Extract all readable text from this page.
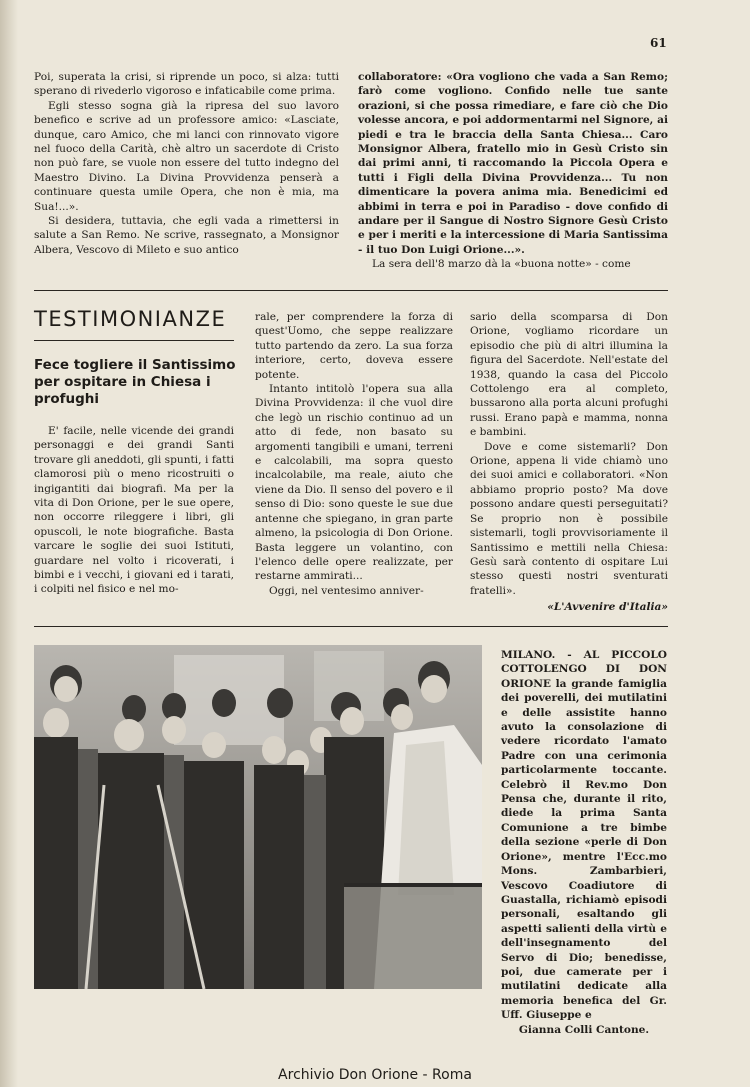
61

Poi, superata la crisi, si riprende un poco, si alza: tutti sperano di rivederlo vigoroso e infaticabile come prima.

Egli stesso sogna già la ripresa del suo lavoro benefico e scrive ad un professore amico: «Lasciate, dunque, caro Amico, che mi lanci con rinnovato vigore nel fuoco della Carità, chè altro un sacerdote di Cristo non può fare, se vuole non essere del tutto indegno del Maestro Divino. La Divina Provvidenza penserà a continuare questa umile Opera, che non è mia, ma Sua!...».

Si desidera, tuttavia, che egli vada a rimettersi in salute a San Remo. Ne scrive, rassegnato, a Monsignor Albera, Vescovo di Mileto e suo antico

collaboratore: «Ora vogliono che vada a San Remo; farò come vogliono. Confido nelle tue sante orazioni, si che possa rimediare, e fare ciò che Dio volesse ancora, e poi addormentarmi nel Signore, ai piedi e tra le braccia della Santa Chiesa... Caro Monsignor Albera, fratello mio in Gesù Cristo sin dai primi anni, ti raccomando la Piccola Opera e tutti i Figli della Divina Provvidenza... Tu non dimenticare la povera anima mia. Benedicimi ed abbimi in terra e poi in Paradiso - dove confido di andare per il Sangue di Nostro Signore Gesù Cristo e per i meriti e la intercessione di Maria Santissima - il tuo Don Luigi Orione...».

La sera dell'8 marzo dà la «buona notte» - come

TESTIMONIANZE
Fece togliere il Santissimo per ospitare in Chiesa i profughi

E' facile, nelle vicende dei grandi personaggi e dei grandi Santi trovare gli aneddoti, gli spunti, i fatti clamorosi più o meno ricostruiti o ingigantiti dai biografi. Ma per la vita di Don Orione, per le sue opere, non occorre rileggere i libri, gli opuscoli, le note biografiche. Basta varcare le soglie dei suoi Istituti, guardare nel volto i ricoverati, i bimbi e i vecchi, i giovani ed i tarati, i colpiti nel fisico e nel mo-

rale, per comprendere la forza di quest'Uomo, che seppe realizzare tutto partendo da zero. La sua forza interiore, certo, doveva essere potente.

Intanto intitolò l'opera sua alla Divina Provvidenza: il che vuol dire che legò un rischio continuo ad un atto di fede, non basato su argomenti tangibili e umani, terreni e calcolabili, ma sopra questo incalcolabile, ma reale, aiuto che viene da Dio. Il senso del povero e il senso di Dio: sono queste le sue due antenne che spiegano, in gran parte almeno, la psicologia di Don Orione. Basta leggere un volantino, con l'elenco delle opere realizzate, per restarne ammirati...

Oggi, nel ventesimo anniver-

sario della scomparsa di Don Orione, vogliamo ricordare un episodio che più di altri illumina la figura del Sacerdote. Nell'estate del 1938, quando la casa del Piccolo Cottolengo era al completo, bussarono alla porta alcuni profughi russi. Erano papà e mamma, nonna e bambini.

Dove e come sistemarli? Don Orione, appena li vide chiamò uno dei suoi amici e collaboratori. «Non abbiamo proprio posto? Ma dove possono andare questi perseguitati? Se proprio non è possibile sistemarli, togli provvisoriamente il Santissimo e mettili nella Chiesa: Gesù sarà contento di ospitare Lui stesso questi nostri sventurati fratelli».

«L'Avvenire d'Italia»
MILANO. - AL PICCOLO COTTOLENGO DI DON ORIONE la grande famiglia dei poverelli, dei mutilatini e delle assistite hanno avuto la consolazione di vedere ricordato l'amato Padre con una cerimonia particolarmente toccante. Celebrò il Rev.mo Don Pensa che, durante il rito, diede la prima Santa Comunione a tre bimbe della sezione «perle di Don Orione», mentre l'Ecc.mo Mons. Zambarbieri, Vescovo Coadiutore di Guastalla, richiamò episodi personali, esaltando gli aspetti salienti della virtù e dell'insegnamento del Servo di Dio; benedisse, poi, due camerate per i mutilatini dedicate alla memoria benefica del Gr. Uff. Giuseppe e
Gianna Colli Cantone.
Archivio Don Orione - Roma
